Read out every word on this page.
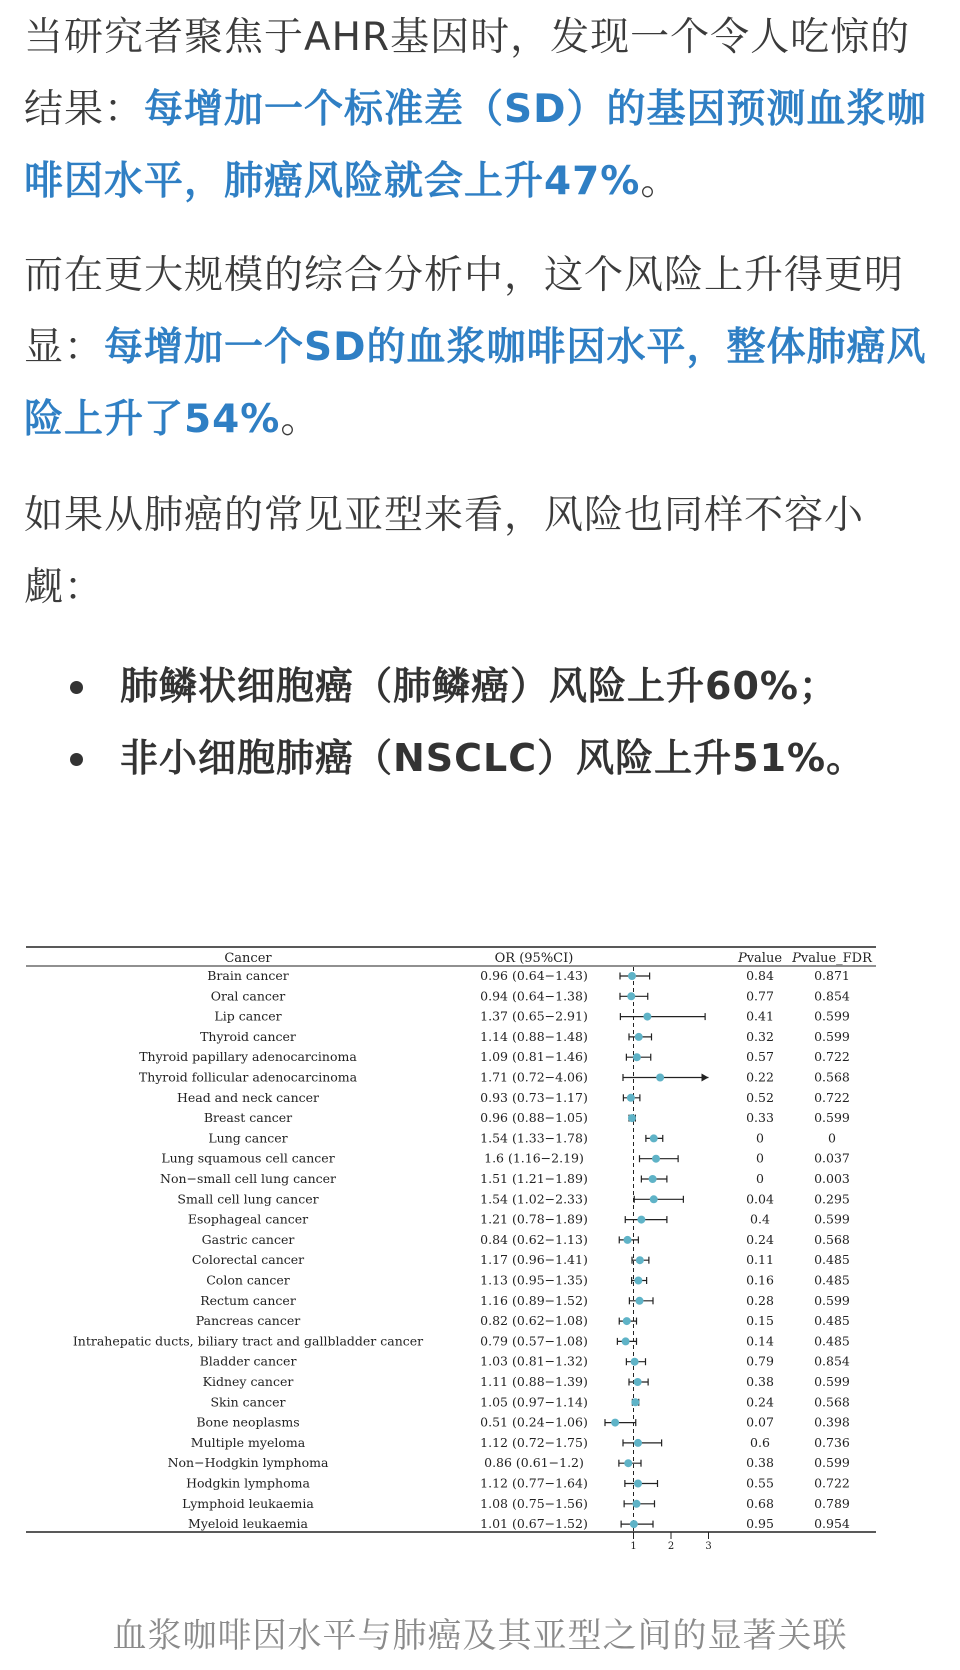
当研究者聚焦于AHR基因时，发现一个令人吃惊的结果：每增加一个标准差（SD）的基因预测血浆咖啡因水平，肺癌风险就会上升47%。
而在更大规模的综合分析中，这个风险上升得更明显：每增加一个SD的血浆咖啡因水平，整体肺癌风险上升了54%。
如果从肺癌的常见亚型来看，风险也同样不容小觑：
肺鳞状细胞癌（肺鳞癌）风险上升60%；
非小细胞肺癌（NSCLC）风险上升51%。
Cancer	OR (95%CI)	Pvalue Pvalue_FDR
Brain cancer	0.96 (0.64−1.43)	0.84	0.871
Oral cancer	0.94 (0.64−1.38)	0.77	0.854
Lip cancer	1.37 (0.65−2.91)	0.41	0.599
Thyroid cancer	1.14 (0.88−1.48)	0.32	0.599
Thyroid papillary adenocarcinoma	1.09 (0.81−1.46)	0.57	0.722
Thyroid follicular adenocarcinoma	1.71 (0.72−4.06)	0.22	0.568
Head and neck cancer	0.93 (0.73−1.17)	0.52	0.722
Breast cancer	0.96 (0.88−1.05)	0.33	0.599
Lung cancer	1.54 (1.33−1.78)	0	0
Lung squamous cell cancer	1.6 (1.16−2.19)	0	0.037
Non−small cell lung cancer	1.51 (1.21−1.89)	0	0.003
Small cell lung cancer	1.54 (1.02−2.33)	0.04	0.295
Esophageal cancer	1.21 (0.78−1.89)	0.4	0.599
Gastric cancer	0.84 (0.62−1.13)	0.24	0.568
Colorectal cancer	1.17 (0.96−1.41)	0.11	0.485
Colon cancer	1.13 (0.95−1.35)	0.16	0.485
Rectum cancer	1.16 (0.89−1.52)	0.28	0.599
Pancreas cancer	0.82 (0.62−1.08)	0.15	0.485
Intrahepatic ducts, biliary tract and gallbladder cancer	0.79 (0.57−1.08)	0.14	0.485
Bladder cancer	1.03 (0.81−1.32)	0.79	0.854
Kidney cancer	1.11 (0.88−1.39)	0.38	0.599
Skin cancer	1.05 (0.97−1.14)	0.24	0.568
Bone neoplasms	0.51 (0.24−1.06)	0.07	0.398
Multiple myeloma	1.12 (0.72−1.75)	0.6	0.736
Non−Hodgkin lymphoma	0.86 (0.61−1.2)	0.38	0.599
Hodgkin lymphoma	1.12 (0.77−1.64)	0.55	0.722
Lymphoid leukaemia	1.08 (0.75−1.56)	0.68	0.789
Myeloid leukaemia	1.01 (0.67−1.52)	0.95	0.954
1	2	3
血浆咖啡因水平与肺癌及其亚型之间的显著关联
